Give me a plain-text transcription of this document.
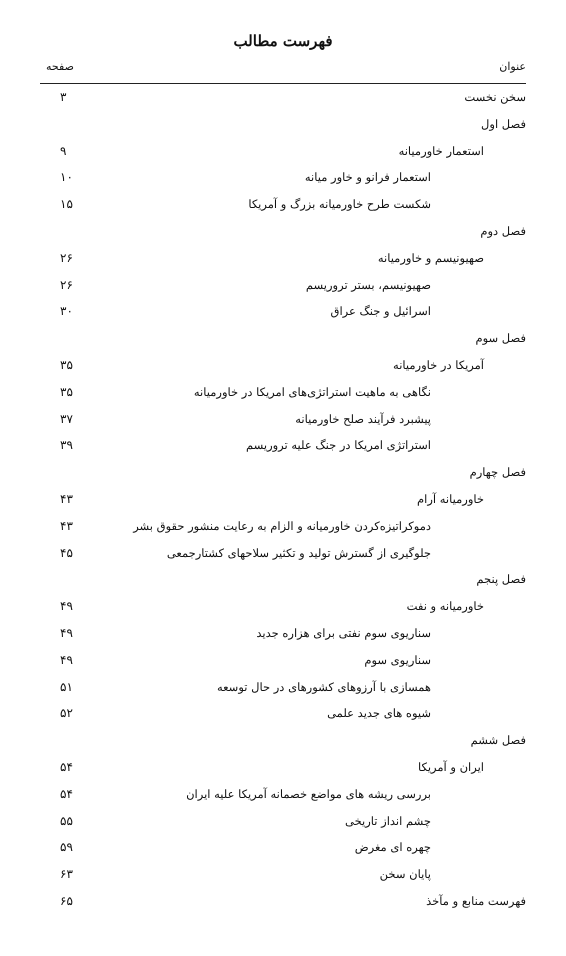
فهرست مطالب
عنوان
صفحه
سخن نخست
۳
فصل اول
استعمار خاورمیانه
۹
استعمار فرانو و خاور میانه
۱۰
شکست طرح خاورمیانه بزرگ و آمریکا
۱۵
فصل دوم
صهیونیسم و خاورمیانه
۲۶
صهیونیسم، بستر تروریسم
۲۶
اسرائیل و جنگ عراق
۳۰
فصل سوم
آمریکا در خاورمیانه
۳۵
نگاهی به ماهیت استراتژی‌های امریکا در خاورمیانه
۳۵
پیشبرد فرآیند صلح خاورمیانه
۳۷
استراتژی امریکا در جنگ علیه تروریسم
۳۹
فصل چهارم
خاورمیانه آرام
۴۳
دموکراتیزه‌کردن خاورمیانه و الزام به رعایت منشور حقوق بشر
۴۳
جلوگیری از گسترش تولید و تکثیر سلاحهای کشتارجمعی
۴۵
فصل پنجم
خاورمیانه و نفت
۴۹
سناریوی سوم نفتی برای هزاره جدید
۴۹
سناریوی سوم
۴۹
همسازی با آرزوهای کشورهای در حال توسعه
۵۱
شیوه های جدید علمی
۵۲
فصل ششم
ایران و آمریکا
۵۴
بررسی ریشه های مواضع خصمانه آمریکا علیه ایران
۵۴
چشم انداز تاریخی
۵۵
چهره ای مغرض
۵۹
پایان سخن
۶۳
فهرست منابع و مآخذ
۶۵
